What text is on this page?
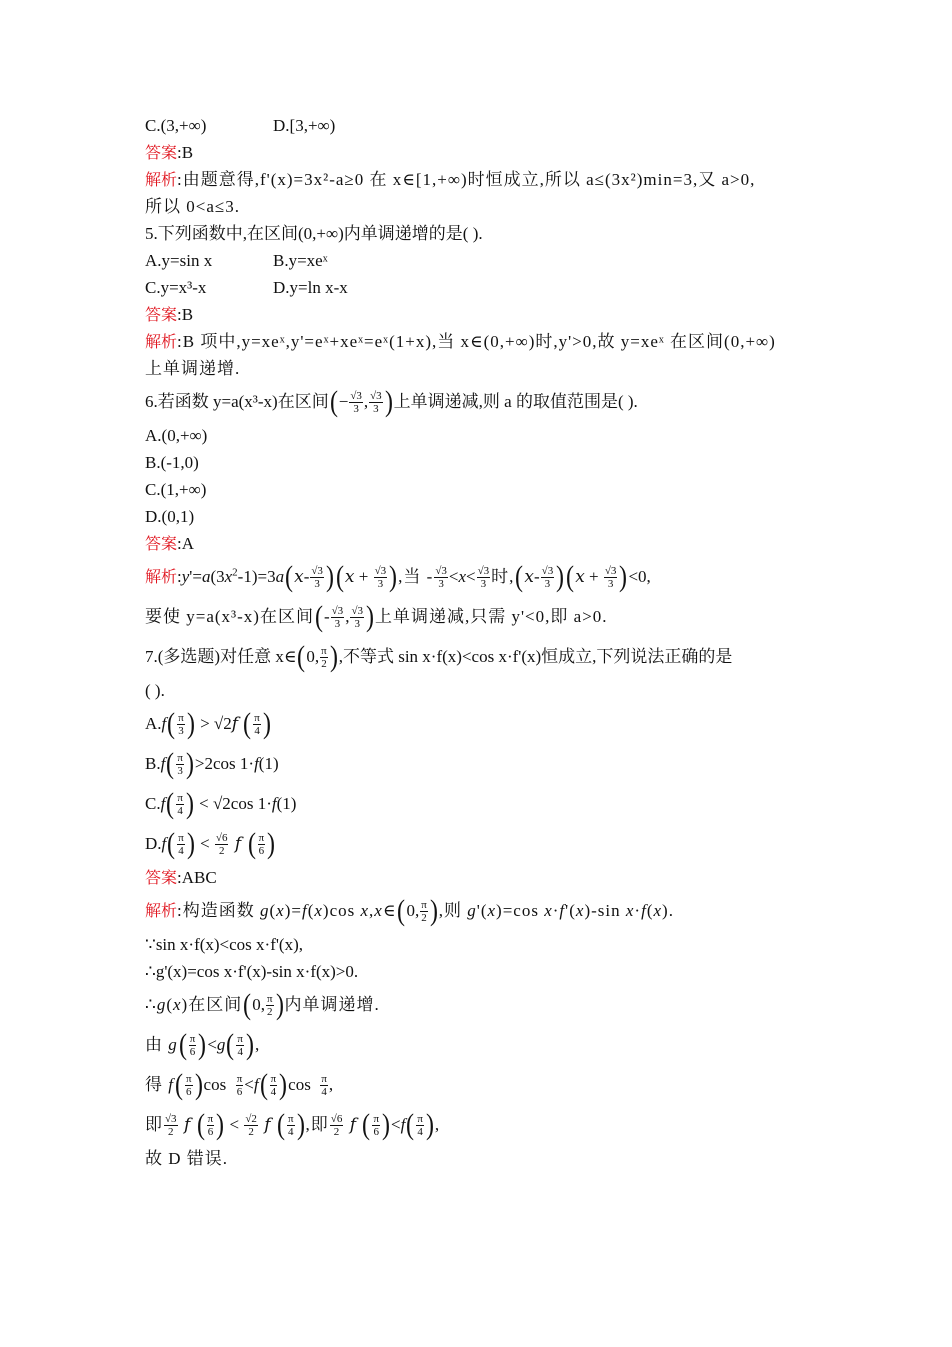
C.(3,+∞)	D.[3,+∞)
答案 :B
解析 :由题意得,f'(x)=3x²-a≥0 在 x∈[1,+∞)时恒成立,所以 a≤(3x²)min=3,又 a>0,
所以 0<a≤3.
5.下列函数中,在区间(0,+∞)内单调递增的是( ).
A.y=sin x	B.y=xeˣ
C.y=x³-x	D.y=ln x-x
答案 :B
解析 :B 项中,y=xeˣ,y'=eˣ+xeˣ=eˣ(1+x),当 x∈(0,+∞)时,y'>0,故 y=xeˣ 在区间(0,+∞)
上单调递增.
6.若函数 y=a(x³-x)在区间 ( − $\frac{√3}{3}$ , $\frac{√3}{3}$ ) 上单调递减,则 a 的取值范围是( ).
A.(0,+∞)
B.(-1,0)
C.(1,+∞)
D.(0,1)
答案 :A
解析 $:y'=a(3x^2-1)=3a$ ( x - $\frac{√3}{3}$ ) ( $x + \frac{√3}{3}$ ) ,当 - $\frac{√3}{3} <x< \frac{√3}{3}$ 时, ( x - $\frac{√3}{3}$ ) ( $x + \frac{√3}{3}$ ) <0,
要使 y=a(x³-x)在区间 ( - $\frac{√3}{3}$ , $\frac{√3}{3}$ ) 上单调递减,只需 y'<0,即 a>0.
7.(多选题)对任意 x∈ ( 0, $\frac{\pi}{2}$ ) ,不等式 sin x·f(x)<cos x·f'(x)恒成立,下列说法正确的是
( ).
A.f ( $\frac{\pi}{3}$ ) > √2f ( $\frac{\pi}{4}$ )
B.f ( $\frac{\pi}{3}$ ) >2cos 1·f(1)
C.f ( $\frac{\pi}{4}$ ) < √2cos 1·f(1)
D.f ( $\frac{\pi}{4}$ ) < $\frac{√6}{2}$ f ( $\frac{\pi}{6}$ )
答案 :ABC
解析 :构造函数 g(x)=f(x)cos x,x∈ ( 0, $\frac{\pi}{2}$ ) ,则 g'(x)=cos x·f'(x)-sin x·f(x).
∵sin x·f(x)<cos x·f'(x),
∴g'(x)=cos x·f'(x)-sin x·f(x)>0.
∴g(x)在区间 ( 0, $\frac{\pi}{2}$ ) 内单调递增.
由 g ( $\frac{\pi}{6}$ ) <g ( $\frac{\pi}{4}$ ) ,
得 f ( $\frac{\pi}{6}$ ) $\cos \frac{\pi}{6} <f$ ( $\frac{\pi}{4}$ ) $\cos \frac{\pi}{4}$ ,
即 $\frac{√3}{2}$ f ( $\frac{\pi}{6}$ ) < $\frac{√2}{2}$ f ( $\frac{\pi}{4}$ ) ,即 $\frac{√6}{2}$ f ( $\frac{\pi}{6}$ ) <f ( $\frac{\pi}{4}$ ) ,
故 D 错误.
